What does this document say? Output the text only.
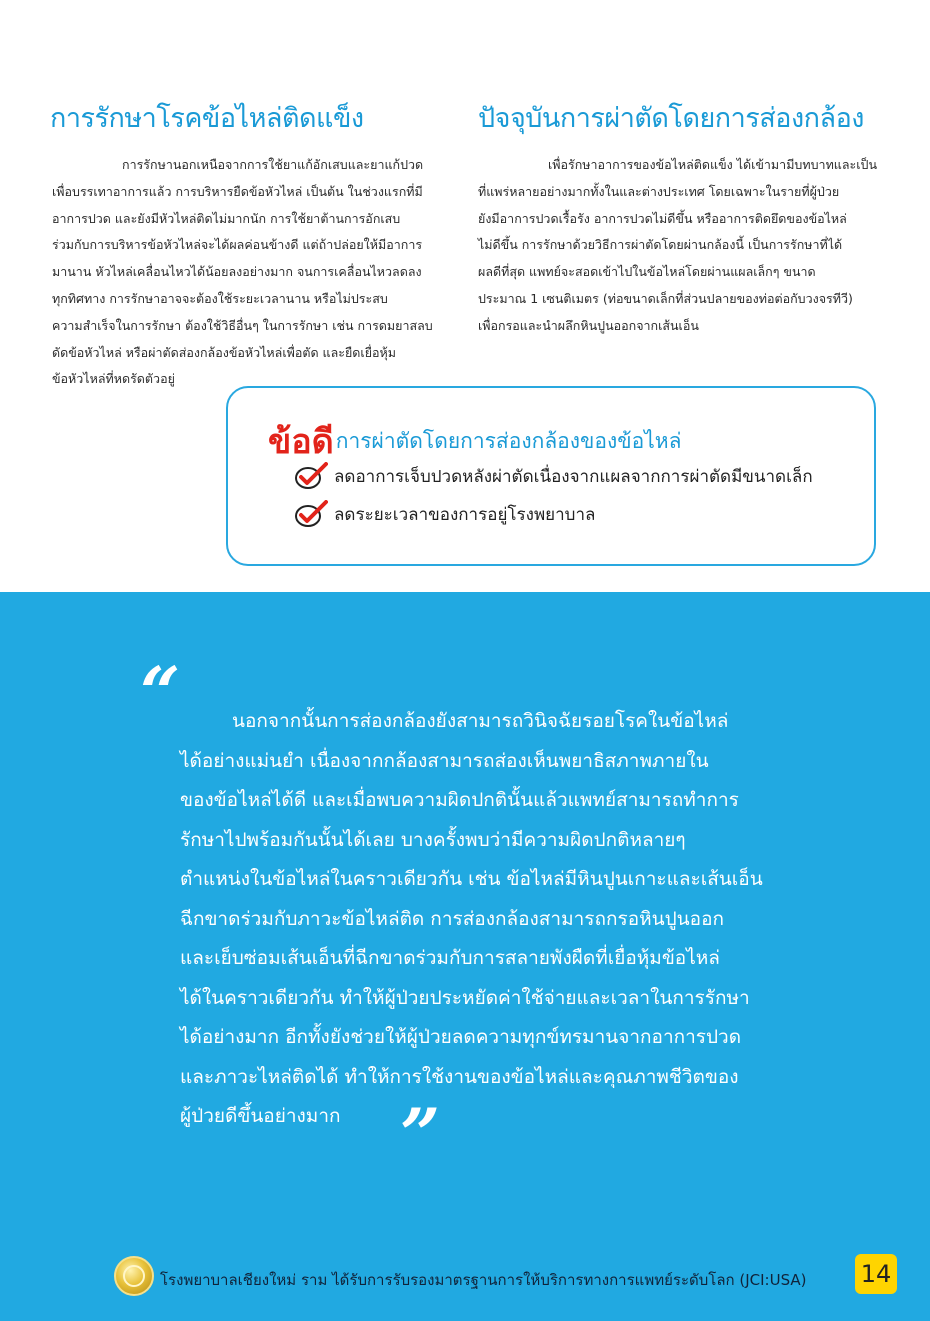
การรักษาโรคข้อไหล่ติดแข็ง
การรักษานอกเหนือจากการใช้ยาแก้อักเสบและยาแก้ปวด
เพื่อบรรเทาอาการแล้ว การบริหารยืดข้อหัวไหล่ เป็นต้น ในช่วงแรกที่มี
อาการปวด และยังมีหัวไหล่ติดไม่มากนัก การใช้ยาต้านการอักเสบ
ร่วมกับการบริหารข้อหัวไหล่จะได้ผลค่อนข้างดี แต่ถ้าปล่อยให้มีอาการ
มานาน หัวไหล่เคลื่อนไหวได้น้อยลงอย่างมาก จนการเคลื่อนไหวลดลง
ทุกทิศทาง การรักษาอาจจะต้องใช้ระยะเวลานาน หรือไม่ประสบ
ความสำเร็จในการรักษา ต้องใช้วิธีอื่นๆ ในการรักษา เช่น การดมยาสลบ
ดัดข้อหัวไหล่ หรือผ่าตัดส่องกล้องข้อหัวไหล่เพื่อตัด และยืดเยื่อหุ้ม
ข้อหัวไหล่ที่หดรัดตัวอยู่
ปัจจุบันการผ่าตัดโดยการส่องกล้อง
เพื่อรักษาอาการของข้อไหล่ติดแข็ง ได้เข้ามามีบทบาทและเป็น
ที่แพร่หลายอย่างมากทั้งในและต่างประเทศ โดยเฉพาะในรายที่ผู้ป่วย
ยังมีอาการปวดเรื้อรัง อาการปวดไม่ดีขึ้น หรืออาการติดยึดของข้อไหล่
ไม่ดีขึ้น การรักษาด้วยวิธีการผ่าตัดโดยผ่านกล้องนี้ เป็นการรักษาที่ได้
ผลดีที่สุด แพทย์จะสอดเข้าไปในข้อไหล่โดยผ่านแผลเล็กๆ ขนาด
ประมาณ 1 เซนติเมตร (ท่อขนาดเล็กที่ส่วนปลายของท่อต่อกับวงจรทีวี)
เพื่อกรอและนำผลึกหินปูนออกจากเส้นเอ็น
ข้อดีการผ่าตัดโดยการส่องกล้องของข้อไหล่
ลดอาการเจ็บปวดหลังผ่าตัดเนื่องจากแผลจากการผ่าตัดมีขนาดเล็ก
ลดระยะเวลาของการอยู่โรงพยาบาล
“	นอกจากนั้นการส่องกล้องยังสามารถวินิจฉัยรอยโรคในข้อไหล่
ได้อย่างแม่นยำ เนื่องจากกล้องสามารถส่องเห็นพยาธิสภาพภายใน
ของข้อไหล่ได้ดี และเมื่อพบความผิดปกตินั้นแล้วแพทย์สามารถทำการ
รักษาไปพร้อมกันนั้นได้เลย บางครั้งพบว่ามีความผิดปกติหลายๆ
ตำแหน่งในข้อไหล่ในคราวเดียวกัน เช่น ข้อไหล่มีหินปูนเกาะและเส้นเอ็น
ฉีกขาดร่วมกับภาวะข้อไหล่ติด การส่องกล้องสามารถกรอหินปูนออก
และเย็บซ่อมเส้นเอ็นที่ฉีกขาดร่วมกับการสลายพังผืดที่เยื่อหุ้มข้อไหล่
ได้ในคราวเดียวกัน ทำให้ผู้ป่วยประหยัดค่าใช้จ่ายและเวลาในการรักษา
ได้อย่างมาก อีกทั้งยังช่วยให้ผู้ป่วยลดความทุกข์ทรมานจากอาการปวด
และภาวะไหล่ติดได้ ทำให้การใช้งานของข้อไหล่และคุณภาพชีวิตของ
ผู้ป่วยดีขึ้นอย่างมาก ”
โรงพยาบาลเชียงใหม่ ราม ได้รับการรับรองมาตรฐานการให้บริการทางการแพทย์ระดับโลก (JCI:USA) 14
